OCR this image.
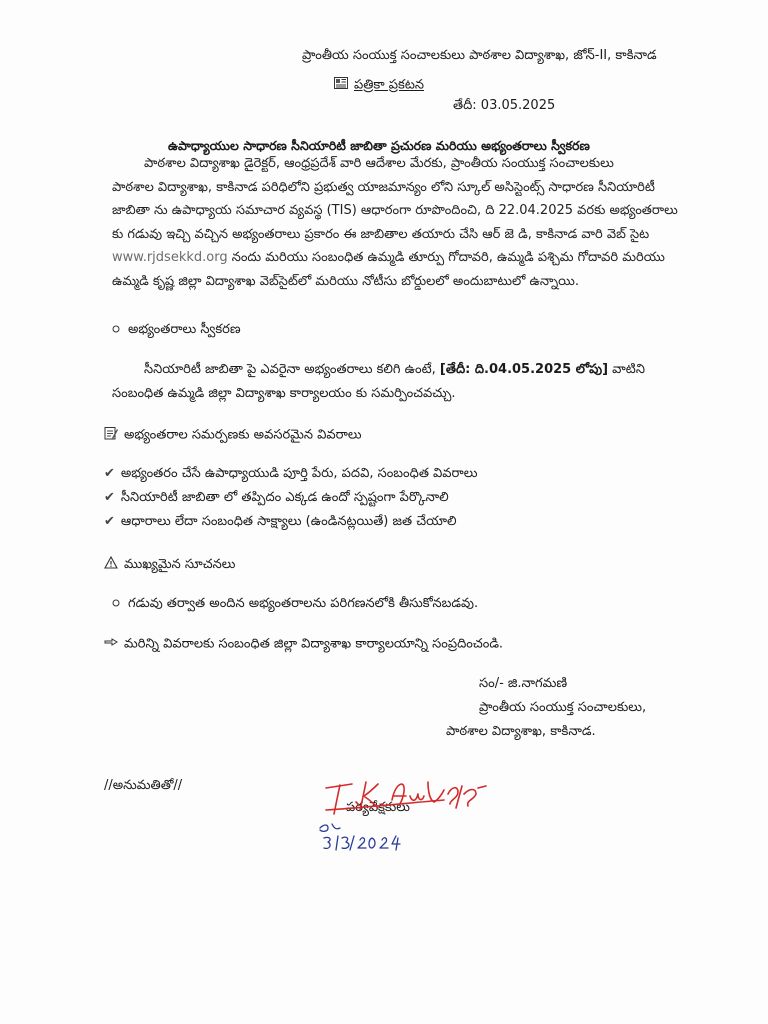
ప్రాంతీయ సంయుక్త సంచాలకులు పాఠశాల విద్యాశాఖ, జోన్-II, కాకినాడ
పత్రికా ప్రకటన
తేదీ: 03.05.2025
ఉపాధ్యాయుల సాధారణ సీనియారిటీ జాబితా ప్రచురణ మరియు అభ్యంతరాలు స్వీకరణ
పాఠశాల విద్యాశాఖ డైరెక్టర్, ఆంధ్రప్రదేశ్ వారి ఆదేశాల మేరకు, ప్రాంతీయ సంయుక్త సంచాలకులు
పాఠశాల విద్యాశాఖ, కాకినాడ పరిధిలోని ప్రభుత్వ యాజమాన్యం లోని స్కూల్ అసిస్టెంట్స్ సాధారణ సీనియారిటీ
జాబితా ను ఉపాధ్యాయ సమాచార వ్యవస్థ (TIS) ఆధారంగా రూపొందించి, ది 22.04.2025 వరకు అభ్యంతరాలు
కు గడువు ఇచ్చి వచ్చిన అభ్యంతరాలు ప్రకారం ఈ జాబితాల తయారు చేసి ఆర్ జె డి, కాకినాడ వారి వెబ్ సైట
www.rjdsekkd.org నందు మరియు సంబంధిత ఉమ్మడి తూర్పు గోదావరి, ఉమ్మడి పశ్చిమ గోదావరి మరియు
ఉమ్మడి కృష్ణ జిల్లా విద్యాశాఖ వెబ్‌సైట్‌లో మరియు నోటీసు బోర్డులలో అందుబాటులో ఉన్నాయి.
అభ్యంతరాలు స్వీకరణ
సీనియారిటీ జాబితా పై ఎవరైనా అభ్యంతరాలు కలిగి ఉంటే, [తేదీ: ది.04.05.2025 లోపు] వాటిని
సంబంధిత ఉమ్మడి జిల్లా విద్యాశాఖ కార్యాలయం కు సమర్పించవచ్చు.
అభ్యంతరాల సమర్పణకు అవసరమైన వివరాలు
✔ అభ్యంతరం చేసే ఉపాధ్యాయుడి పూర్తి పేరు, పదవి, సంబంధిత వివరాలు
✔ సీనియారిటీ జాబితా లో తప్పిదం ఎక్కడ ఉందో స్పష్టంగా పేర్కొనాలి
✔ ఆధారాలు లేదా సంబంధిత సాక్ష్యాలు (ఉండినట్లయితే) జత చేయాలి
ముఖ్యమైన సూచనలు
గడువు తర్వాత అందిన అభ్యంతరాలను పరిగణనలోకి తీసుకోనబడవు.
మరిన్ని వివరాలకు సంబంధిత జిల్లా విద్యాశాఖ కార్యాలయాన్ని సంప్రదించండి.
సం/- జి.నాగమణి
ప్రాంతీయ సంయుక్త సంచాలకులు,
పాఠశాల విద్యాశాఖ, కాకినాడ.
//అనుమతితో//
పర్యవేక్షకులు
